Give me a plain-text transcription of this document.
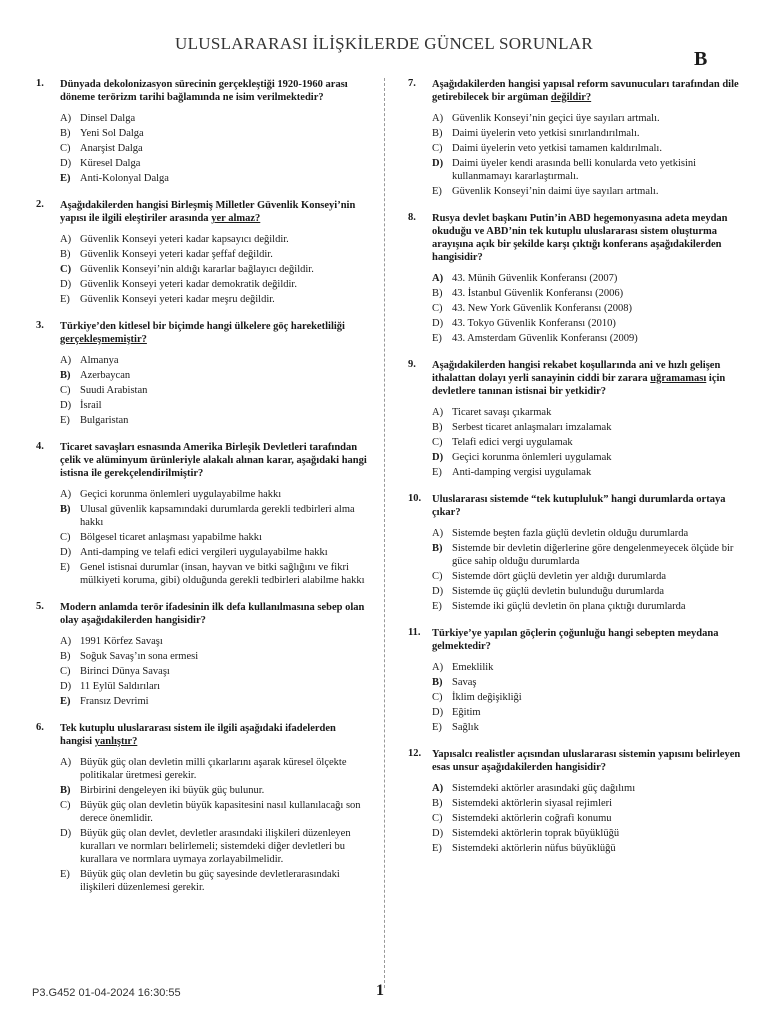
ULUSLARARASI İLİŞKİLERDE GÜNCEL SORUNLAR
B
1. Dünyada dekolonizasyon sürecinin gerçekleştiği 1920-1960 arası döneme terörizm tarihi bağlamında ne isim verilmektedir?
A) Dinsel Dalga
B) Yeni Sol Dalga
C) Anarşist Dalga
D) Küresel Dalga
E) Anti-Kolonyal Dalga
2. Aşağıdakilerden hangisi Birleşmiş Milletler Güvenlik Konseyi’nin yapısı ile ilgili eleştiriler arasında yer almaz?
A) Güvenlik Konseyi yeteri kadar kapsayıcı değildir.
B) Güvenlik Konseyi yeteri kadar şeffaf değildir.
C) Güvenlik Konseyi’nin aldığı kararlar bağlayıcı değildir.
D) Güvenlik Konseyi yeteri kadar demokratik değildir.
E) Güvenlik Konseyi yeteri kadar meşru değildir.
3. Türkiye’den kitlesel bir biçimde hangi ülkelere göç hareketliliği gerçekleşmemiştir?
A) Almanya
B) Azerbaycan
C) Suudi Arabistan
D) İsrail
E) Bulgaristan
4. Ticaret savaşları esnasında Amerika Birleşik Devletleri tarafından çelik ve alüminyum ürünleriyle alakalı alınan karar, aşağıdaki hangi istisna ile gerekçelendirilmiştir?
A) Geçici korunma önlemleri uygulayabilme hakkı
B) Ulusal güvenlik kapsamındaki durumlarda gerekli tedbirleri alma hakkı
C) Bölgesel ticaret anlaşması yapabilme hakkı
D) Anti-damping ve telafi edici vergileri uygulayabilme hakkı
E) Genel istisnai durumlar (insan, hayvan ve bitki sağlığını ve fikri mülkiyeti koruma, gibi) olduğunda gerekli tedbirleri alabilme hakkı
5. Modern anlamda terör ifadesinin ilk defa kullanılmasına sebep olan olay aşağıdakilerden hangisidir?
A) 1991 Körfez Savaşı
B) Soğuk Savaş’ın sona ermesi
C) Birinci Dünya Savaşı
D) 11 Eylül Saldırıları
E) Fransız Devrimi
6. Tek kutuplu uluslararası sistem ile ilgili aşağıdaki ifadelerden hangisi yanlıştır?
A) Büyük güç olan devletin milli çıkarlarını aşarak küresel ölçekte politikalar üretmesi gerekir.
B) Birbirini dengeleyen iki büyük güç bulunur.
C) Büyük güç olan devletin büyük kapasitesini nasıl kullanılacağı son derece önemlidir.
D) Büyük güç olan devlet, devletler arasındaki ilişkileri düzenleyen kuralları ve normları belirlemeli; sistemdeki diğer devletleri bu kurallara ve normlara uymaya zorlayabilmelidir.
E) Büyük güç olan devletin bu güç sayesinde devletlerarasındaki ilişkileri düzenlemesi gerekir.
7. Aşağıdakilerden hangisi yapısal reform savunucuları tarafından dile getirebilecek bir argüman değildir?
A) Güvenlik Konseyi’nin geçici üye sayıları artmalı.
B) Daimi üyelerin veto yetkisi sınırlandırılmalı.
C) Daimi üyelerin veto yetkisi tamamen kaldırılmalı.
D) Daimi üyeler kendi arasında belli konularda veto yetkisini kullanmamayı kararlaştırmalı.
E) Güvenlik Konseyi’nin daimi üye sayıları artmalı.
8. Rusya devlet başkanı Putin’in ABD hegemonyasına adeta meydan okuduğu ve ABD’nin tek kutuplu uluslararası sistem oluşturma arayışına açık bir şekilde karşı çıktığı konferans aşağıdakilerden hangisidir?
A) 43. Münih Güvenlik Konferansı (2007)
B) 43. İstanbul Güvenlik Konferansı (2006)
C) 43. New York Güvenlik Konferansı (2008)
D) 43. Tokyo Güvenlik Konferansı (2010)
E) 43. Amsterdam Güvenlik Konferansı (2009)
9. Aşağıdakilerden hangisi rekabet koşullarında ani ve hızlı gelişen ithalattan dolayı yerli sanayinin ciddi bir zarara uğramaması için devletlere tanınan istisnai bir yetkidir?
A) Ticaret savaşı çıkarmak
B) Serbest ticaret anlaşmaları imzalamak
C) Telafi edici vergi uygulamak
D) Geçici korunma önlemleri uygulamak
E) Anti-damping vergisi uygulamak
10. Uluslararası sistemde “tek kutupluluk” hangi durumlarda ortaya çıkar?
A) Sistemde beşten fazla güçlü devletin olduğu durumlarda
B) Sistemde bir devletin diğerlerine göre dengelenmeyecek ölçüde bir güce sahip olduğu durumlarda
C) Sistemde dört güçlü devletin yer aldığı durumlarda
D) Sistemde üç güçlü devletin bulunduğu durumlarda
E) Sistemde iki güçlü devletin ön plana çıktığı durumlarda
11. Türkiye’ye yapılan göçlerin çoğunluğu hangi sebepten meydana gelmektedir?
A) Emeklilik
B) Savaş
C) İklim değişikliği
D) Eğitim
E) Sağlık
12. Yapısalcı realistler açısından uluslararası sistemin yapısını belirleyen esas unsur aşağıdakilerden hangisidir?
A) Sistemdeki aktörler arasındaki güç dağılımı
B) Sistemdeki aktörlerin siyasal rejimleri
C) Sistemdeki aktörlerin coğrafi konumu
D) Sistemdeki aktörlerin toprak büyüklüğü
E) Sistemdeki aktörlerin nüfus büyüklüğü
P3.G452 01-04-2024 16:30:55	1
